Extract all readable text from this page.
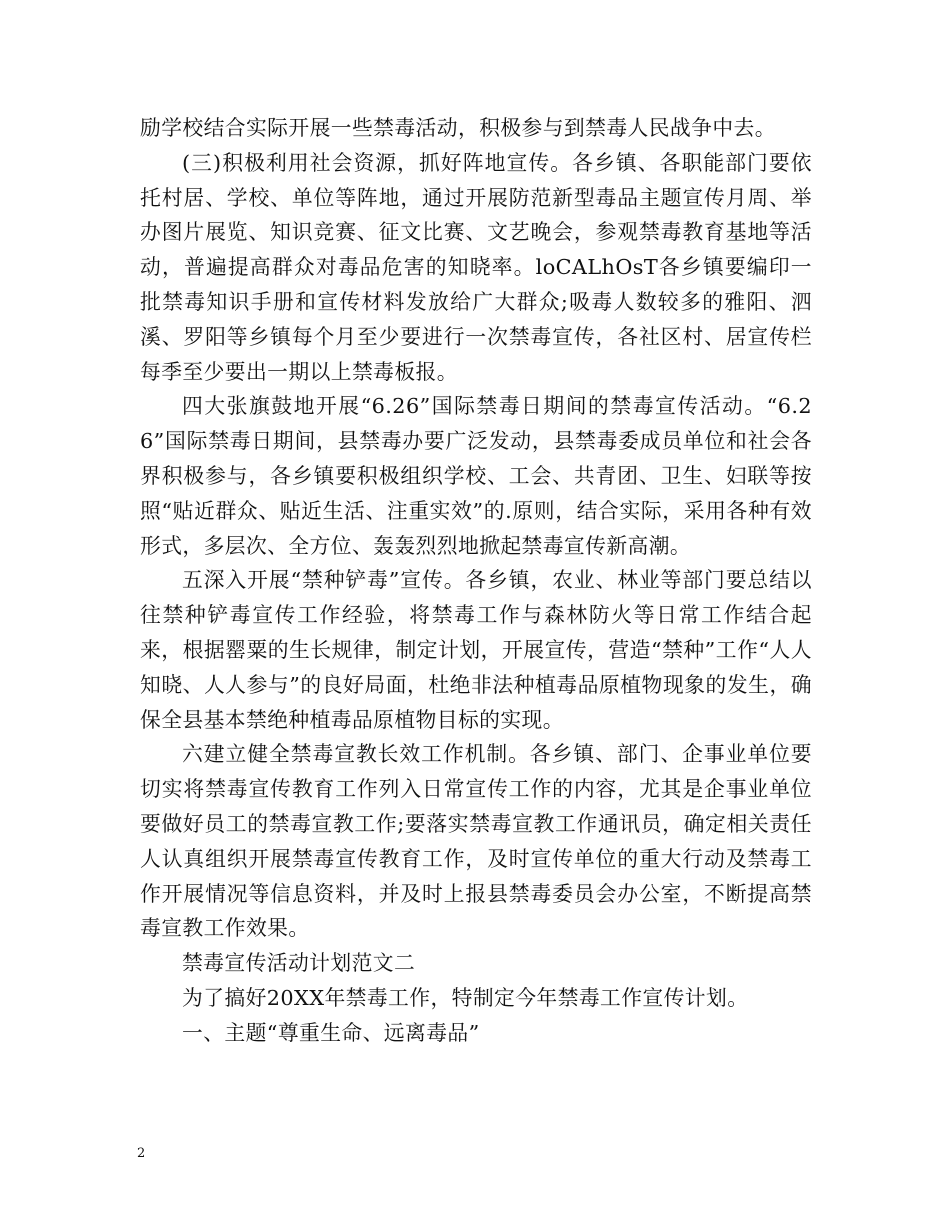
励学校结合实际开展一些禁毒活动，积极参与到禁毒人民战争中去。

(三)积极利用社会资源，抓好阵地宣传。各乡镇、各职能部门要依托村居、学校、单位等阵地，通过开展防范新型毒品主题宣传月周、举办图片展览、知识竞赛、征文比赛、文艺晚会，参观禁毒教育基地等活动，普遍提高群众对毒品危害的知晓率。loCALhOsT各乡镇要编印一批禁毒知识手册和宣传材料发放给广大群众;吸毒人数较多的雅阳、泗溪、罗阳等乡镇每个月至少要进行一次禁毒宣传，各社区村、居宣传栏每季至少要出一期以上禁毒板报。

四大张旗鼓地开展“6.26”国际禁毒日期间的禁毒宣传活动。“6.26”国际禁毒日期间，县禁毒办要广泛发动，县禁毒委成员单位和社会各界积极参与，各乡镇要积极组织学校、工会、共青团、卫生、妇联等按照“贴近群众、贴近生活、注重实效”的.原则，结合实际，采用各种有效形式，多层次、全方位、轰轰烈烈地掀起禁毒宣传新高潮。

五深入开展“禁种铲毒”宣传。各乡镇，农业、林业等部门要总结以往禁种铲毒宣传工作经验，将禁毒工作与森林防火等日常工作结合起来，根据罂粟的生长规律，制定计划，开展宣传，营造“禁种”工作“人人知晓、人人参与”的良好局面，杜绝非法种植毒品原植物现象的发生，确保全县基本禁绝种植毒品原植物目标的实现。

六建立健全禁毒宣教长效工作机制。各乡镇、部门、企事业单位要切实将禁毒宣传教育工作列入日常宣传工作的内容，尤其是企事业单位要做好员工的禁毒宣教工作;要落实禁毒宣教工作通讯员，确定相关责任人认真组织开展禁毒宣传教育工作，及时宣传单位的重大行动及禁毒工作开展情况等信息资料，并及时上报县禁毒委员会办公室，不断提高禁毒宣教工作效果。

禁毒宣传活动计划范文二

为了搞好20XX年禁毒工作，特制定今年禁毒工作宣传计划。

一、主题“尊重生命、远离毒品”

2
